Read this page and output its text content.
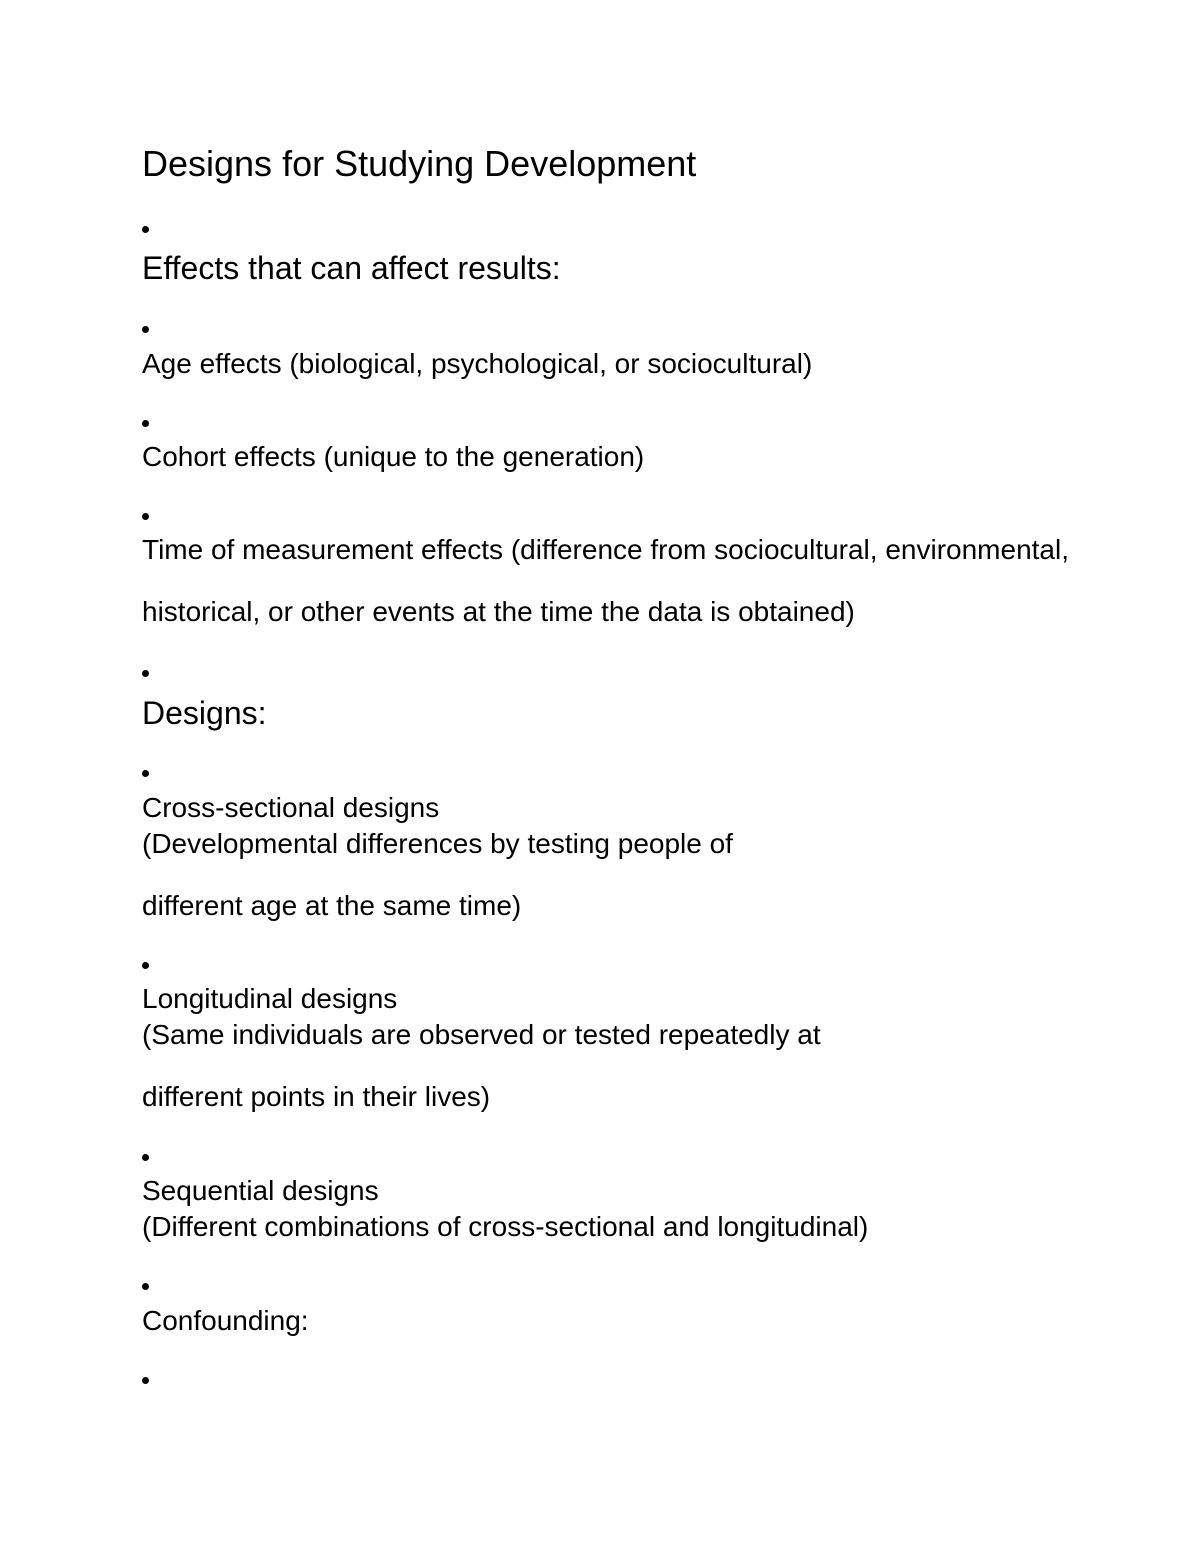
Designs for Studying Development
Effects that can affect results:
Age effects (biological, psychological, or sociocultural)
Cohort effects (unique to the generation)
Time of measurement effects (difference from sociocultural, environmental,
historical, or other events at the time the data is obtained)
Designs:
Cross-sectional designs
(Developmental differences by testing people of
different age at the same time)
Longitudinal designs
(Same individuals are observed or tested repeatedly at
different points in their lives)
Sequential designs
(Different combinations of cross-sectional and longitudinal)
Confounding:
